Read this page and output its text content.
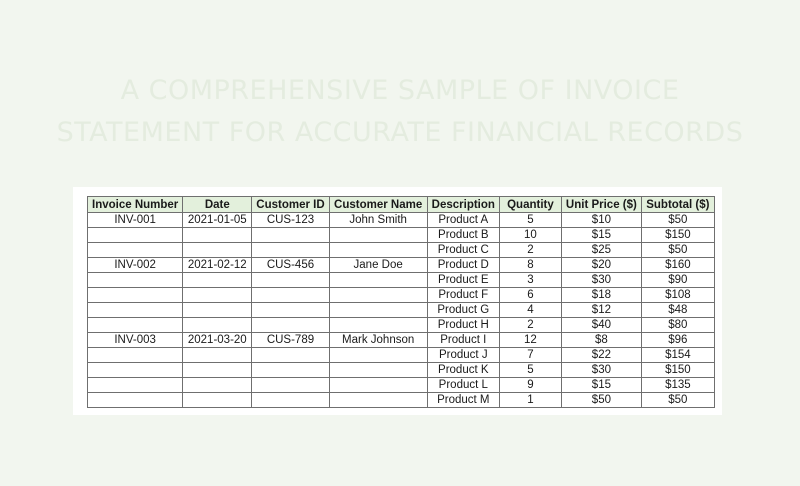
A COMPREHENSIVE SAMPLE OF INVOICE
STATEMENT FOR ACCURATE FINANCIAL RECORDS
Invoice Number	Date	Customer ID	Customer Name	Description	Quantity	Unit Price ($)	Subtotal ($)
INV-001	2021-01-05	CUS-123	John Smith	Product A	5	$10	$50
				Product B	10	$15	$150
				Product C	2	$25	$50
INV-002	2021-02-12	CUS-456	Jane Doe	Product D	8	$20	$160
				Product E	3	$30	$90
				Product F	6	$18	$108
				Product G	4	$12	$48
				Product H	2	$40	$80
INV-003	2021-03-20	CUS-789	Mark Johnson	Product I	12	$8	$96
				Product J	7	$22	$154
				Product K	5	$30	$150
				Product L	9	$15	$135
				Product M	1	$50	$50
